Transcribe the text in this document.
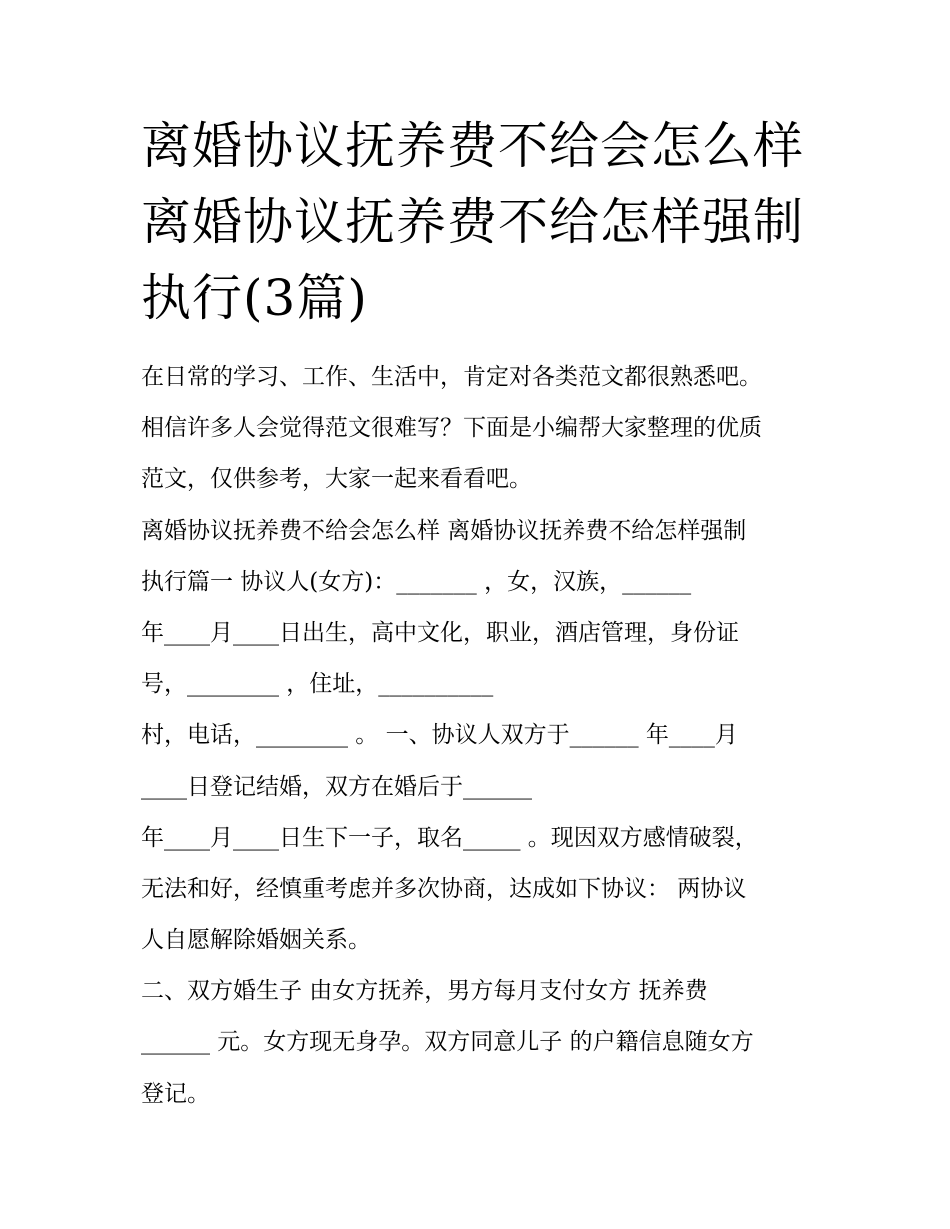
离婚协议抚养费不给会怎么样
离婚协议抚养费不给怎样强制
执行(3篇)
在日常的学习、工作、生活中，肯定对各类范文都很熟悉吧。
相信许多人会觉得范文很难写？下面是小编帮大家整理的优质
范文，仅供参考，大家一起来看看吧。
离婚协议抚养费不给会怎么样 离婚协议抚养费不给怎样强制
执行篇一 协议人(女方)：_______ ，女，汉族，______
年____月____日出生，高中文化，职业，酒店管理，身份证
号，________ ，住址，__________
村，电话，________ 。 一、协议人双方于______ 年____月
____日登记结婚，双方在婚后于______
年____月____日生下一子，取名_____ 。现因双方感情破裂，
无法和好，经慎重考虑并多次协商，达成如下协议： 两协议
人自愿解除婚姻关系。
二、双方婚生子 由女方抚养，男方每月支付女方 抚养费
______ 元。女方现无身孕。双方同意儿子 的户籍信息随女方
登记。
